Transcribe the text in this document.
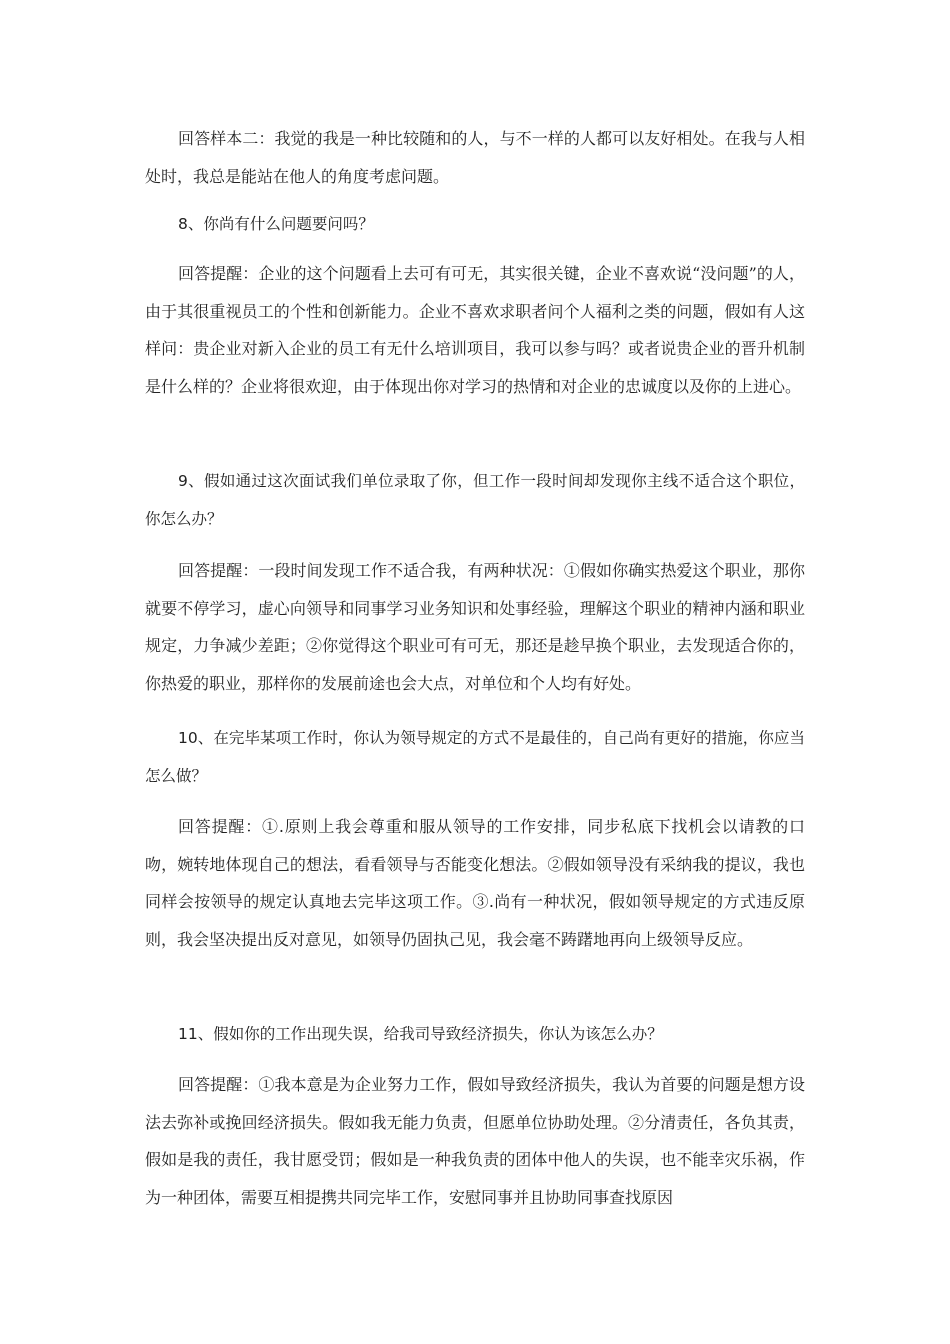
回答样本二：我觉的我是一种比较随和的人，与不一样的人都可以友好相处。在我与人相处时，我总是能站在他人的角度考虑问题。

8、你尚有什么问题要问吗？

回答提醒：企业的这个问题看上去可有可无，其实很关键，企业不喜欢说“没问题”的人，由于其很重视员工的个性和创新能力。企业不喜欢求职者问个人福利之类的问题，假如有人这样问：贵企业对新入企业的员工有无什么培训项目，我可以参与吗？或者说贵企业的晋升机制是什么样的？企业将很欢迎，由于体现出你对学习的热情和对企业的忠诚度以及你的上进心。

9、假如通过这次面试我们单位录取了你，但工作一段时间却发现你主线不适合这个职位，你怎么办？

回答提醒：一段时间发现工作不适合我，有两种状况：①假如你确实热爱这个职业，那你就要不停学习，虚心向领导和同事学习业务知识和处事经验，理解这个职业的精神内涵和职业规定，力争减少差距；②你觉得这个职业可有可无，那还是趁早换个职业，去发现适合你的，你热爱的职业，那样你的发展前途也会大点，对单位和个人均有好处。

10、在完毕某项工作时，你认为领导规定的方式不是最佳的，自己尚有更好的措施，你应当怎么做？

回答提醒：①.原则上我会尊重和服从领导的工作安排，同步私底下找机会以请教的口吻，婉转地体现自己的想法，看看领导与否能变化想法。②假如领导没有采纳我的提议，我也同样会按领导的规定认真地去完毕这项工作。③.尚有一种状况，假如领导规定的方式违反原则，我会坚决提出反对意见，如领导仍固执己见，我会毫不踌躇地再向上级领导反应。

11、假如你的工作出现失误，给我司导致经济损失，你认为该怎么办？

回答提醒：①我本意是为企业努力工作，假如导致经济损失，我认为首要的问题是想方设法去弥补或挽回经济损失。假如我无能力负责，但愿单位协助处理。②分清责任，各负其责，假如是我的责任，我甘愿受罚；假如是一种我负责的团体中他人的失误，也不能幸灾乐祸，作为一种团体，需要互相提携共同完毕工作，安慰同事并且协助同事查找原因
